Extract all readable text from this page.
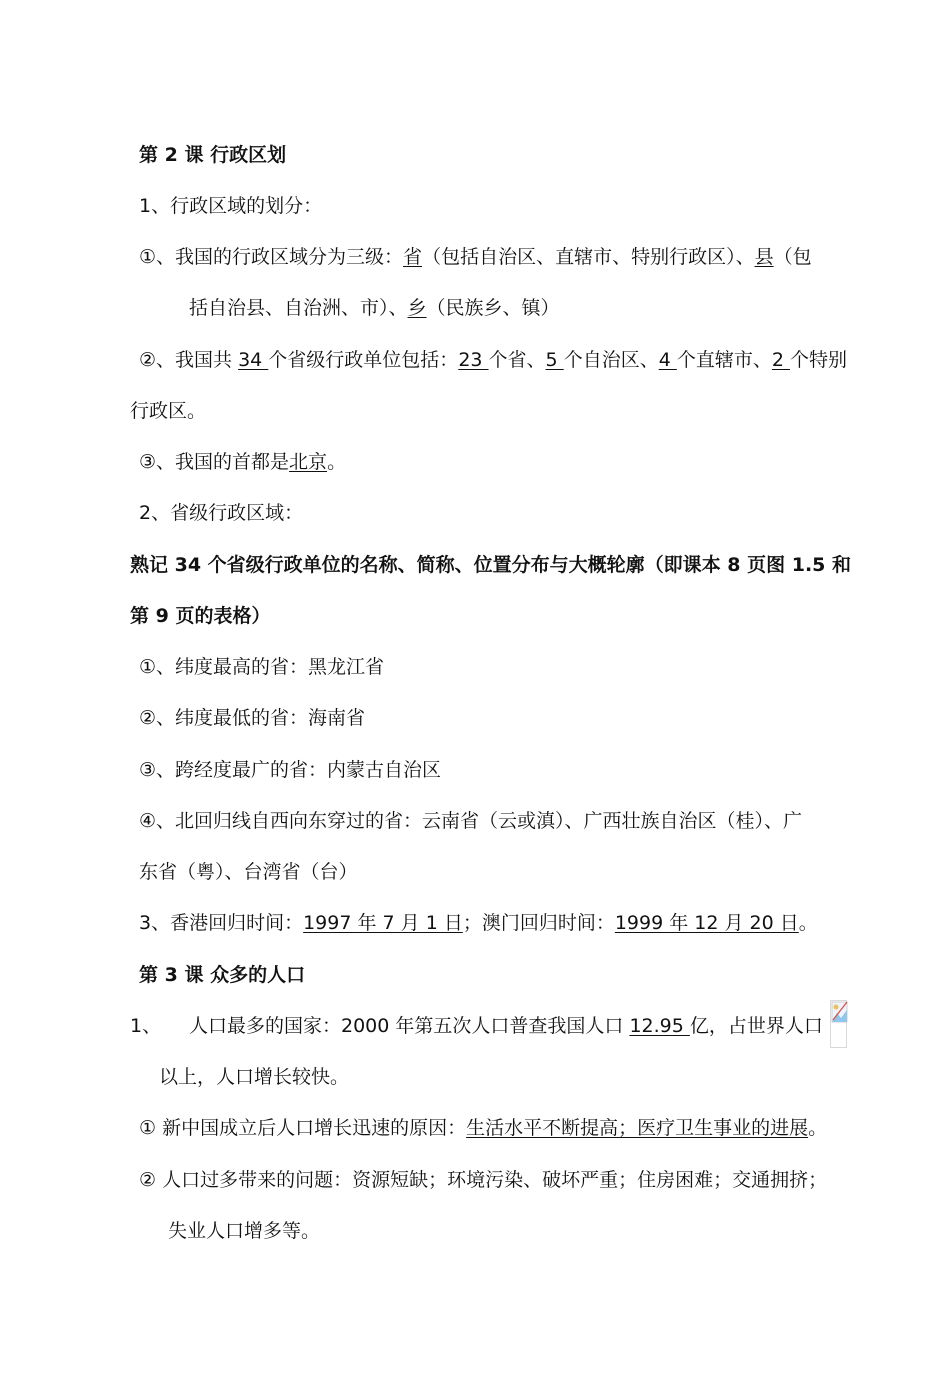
第 2 课 行政区划
1、行政区域的划分：
①、我国的行政区域分为三级：省（包括自治区、直辖市、特别行政区）、县（包
括自治县、自治洲、市）、乡（民族乡、镇）
②、我国共 34 个省级行政单位包括：23 个省、5 个自治区、4 个直辖市、2 个特别
行政区。
③、我国的首都是北京。
2、省级行政区域：
熟记 34 个省级行政单位的名称、简称、位置分布与大概轮廓（即课本 8 页图 1.5 和
第 9 页的表格）
①、纬度最高的省：黑龙江省
②、纬度最低的省：海南省
③、跨经度最广的省：内蒙古自治区
④、北回归线自西向东穿过的省：云南省（云或滇）、广西壮族自治区（桂）、广
东省（粤）、台湾省（台）
3、香港回归时间：1997 年 7 月 1 日；澳门回归时间：1999 年 12 月 20 日。
第 3 课 众多的人口
1、 人口最多的国家：2000 年第五次人口普查我国人口 12.95 亿，占世界人口
以上，人口增长较快。
① 新中国成立后人口增长迅速的原因：生活水平不断提高；医疗卫生事业的进展。
② 人口过多带来的问题：资源短缺；环境污染、破坏严重；住房困难；交通拥挤；
失业人口增多等。
